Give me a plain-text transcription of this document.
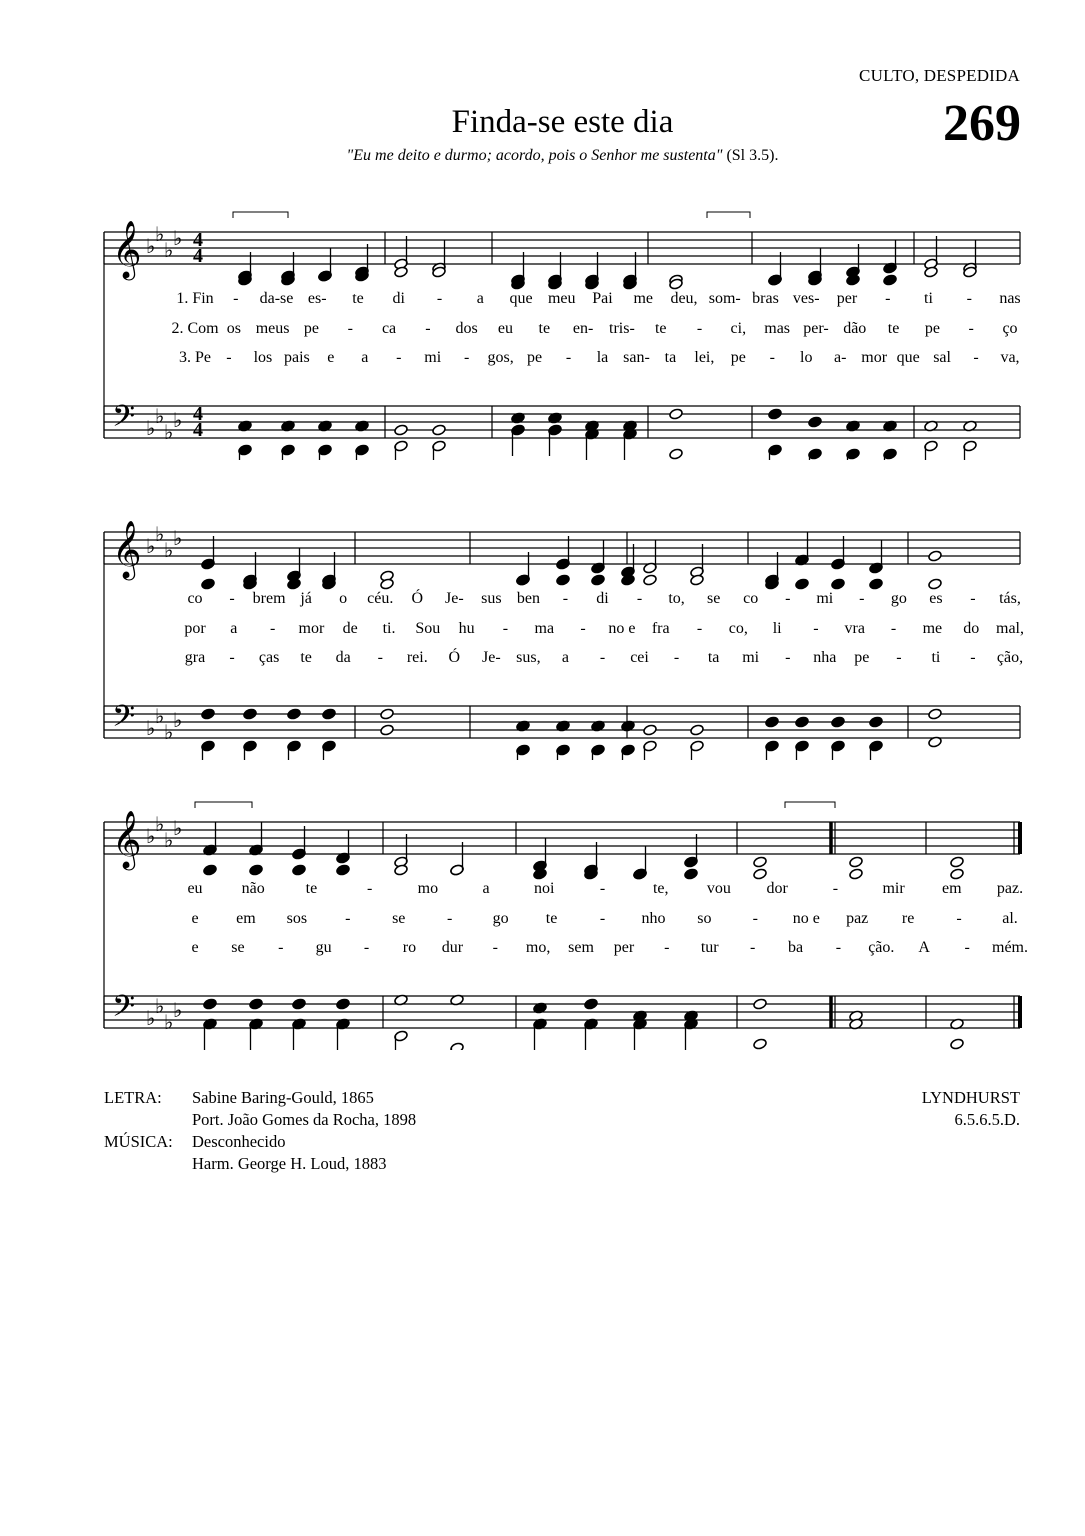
CULTO, DESPEDIDA
269
Finda-se este dia
"Eu me deito e durmo; acordo, pois o Senhor me sustenta" (Sl 3.5).
𝄞 ♭
♭
♭
♭ 4
4
𝄢 ♭
♭
♭
♭ 4
4
1. Fin - da-se es- te di - a que meu Pai me deu, som- bras ves- per - ti - nas
2. Com os meus pe - ca - dos eu te en- tris- te - ci, mas per- dão te pe - ço
3. Pe - los pais e a - mi - gos, pe - la san- ta lei, pe - lo a- mor que sal - va,
𝄞 ♭
♭
♭
♭
𝄢 ♭
♭
♭
♭
co - brem já o céu. Ó Je- sus ben - di - to, se co - mi - go es - tás,
por a - mor de ti. Sou hu - ma - no e fra - co, li - vra - me do mal,
gra - ças te da - rei. Ó Je- sus, a - cei - ta mi - nha pe - ti - ção,
𝄞 ♭
♭
♭
♭
𝄢 ♭
♭
♭
♭
eu não	te	-	mo	a	noi	-	te, vou dor	-	mir em paz.
e em sos -	se	-	go te	- nho so	- no e paz re	-	al.
e se - gu - ro dur - mo, sem per - tur - ba - ção. A - mém.
LETRA:	Sabine Baring-Gould, 1865
Port. João Gomes da Rocha, 1898
MÚSICA:	Desconhecido
Harm. George H. Loud, 1883
LYNDHURST
6.5.6.5.D.
